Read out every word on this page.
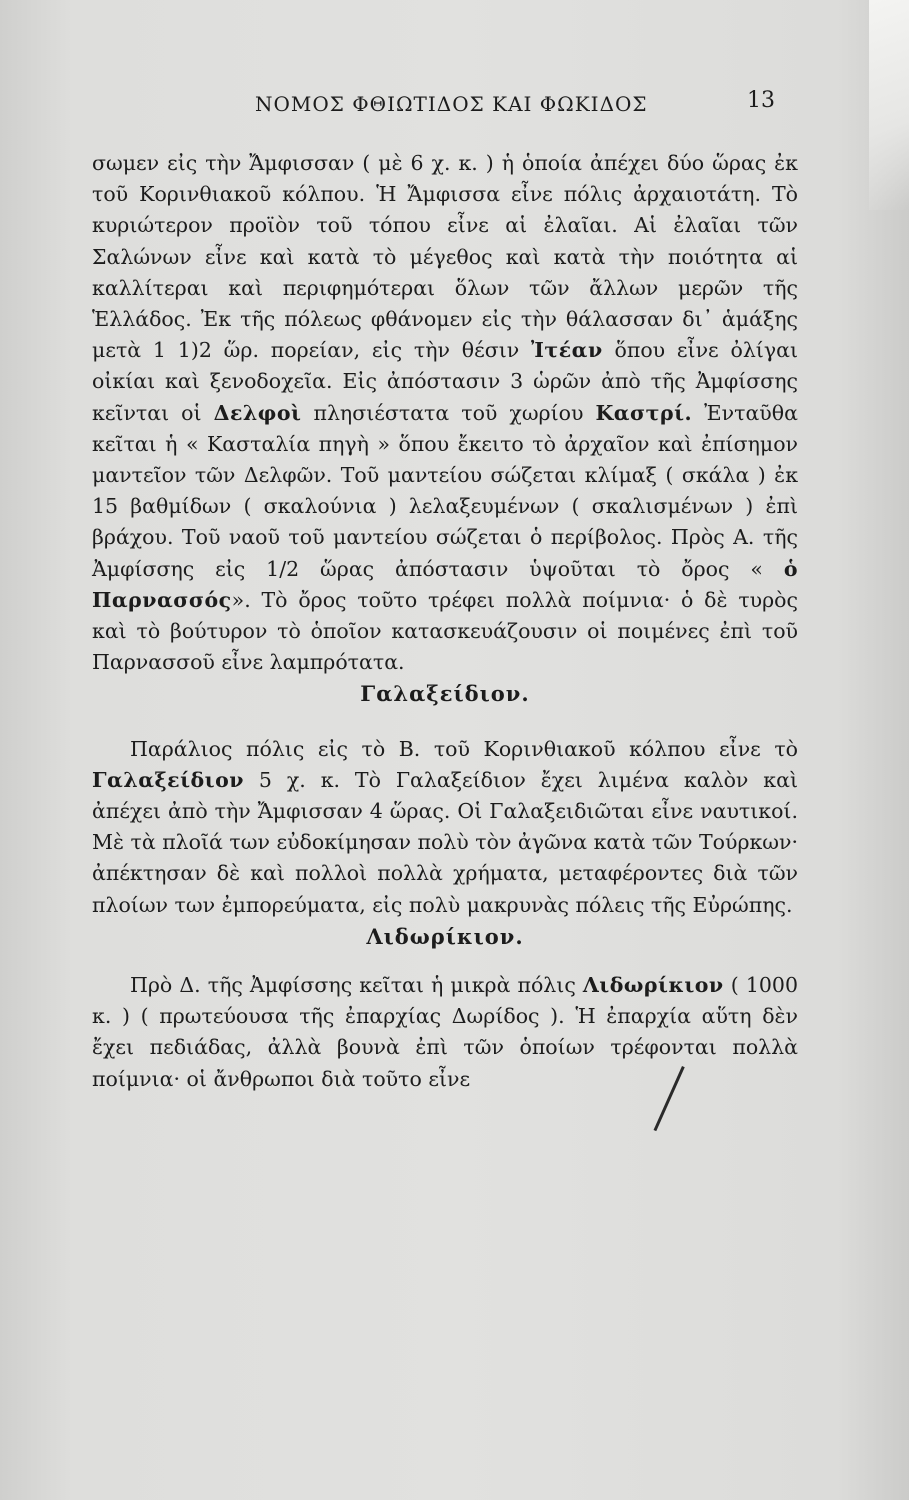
ΝΟΜΟΣ ΦΘΙΩΤΙΔΟΣ ΚΑΙ ΦΩΚΙΔΟΣ	13

σωμεν εἰς τὴν Ἄμφισσαν ( μὲ 6 χ. κ. ) ἡ ὁποία ἀπέχει δύο ὥρας ἐκ τοῦ Κορινθιακοῦ κόλπου. Ἡ Ἄμφισσα εἶνε πόλις ἀρχαιοτάτη. Τὸ κυριώτερον προϊὸν τοῦ τόπου εἶνε αἱ ἐλαῖαι. Αἱ ἐλαῖαι τῶν Σαλώνων εἶνε καὶ κατὰ τὸ μέγεθος καὶ κατὰ τὴν ποιότητα αἱ καλλίτεραι καὶ περιφημότεραι ὅλων τῶν ἄλλων μερῶν τῆς Ἑλλάδος. Ἐκ τῆς πόλεως φθάνομεν εἰς τὴν θάλασσαν δι᾽ ἁμάξης μετὰ 1 1)2 ὥρ. πορείαν, εἰς τὴν θέσιν Ἰτέαν ὅπου εἶνε ὀλίγαι οἰκίαι καὶ ξενοδοχεῖα. Εἰς ἀπόστασιν 3 ὡρῶν ἀπὸ τῆς Ἀμφίσσης κεῖνται οἱ Δελφοὶ πλησιέστατα τοῦ χωρίου Καστρί. Ἐνταῦθα κεῖται ἡ « Κασταλία πηγὴ » ὅπου ἔκειτο τὸ ἀρχαῖον καὶ ἐπίσημον μαντεῖον τῶν Δελφῶν. Τοῦ μαντείου σώζεται κλίμαξ ( σκάλα ) ἐκ 15 βαθμίδων ( σκαλούνια ) λελαξευμένων ( σκαλισμένων ) ἐπὶ βράχου. Τοῦ ναοῦ τοῦ μαντείου σώζεται ὁ περίβολος. Πρὸς Α. τῆς Ἀμφίσσης εἰς 1/2 ὥρας ἀπόστασιν ὑψοῦται τὸ ὄρος « ὁ Παρνασσός». Τὸ ὄρος τοῦτο τρέφει πολλὰ ποίμνια· ὁ δὲ τυρὸς καὶ τὸ βούτυρον τὸ ὁποῖον κατασκευάζουσιν οἱ ποιμένες ἐπὶ τοῦ Παρνασσοῦ εἶνε λαμπρότατα.

Γαλαξείδιον.

Παράλιος πόλις εἰς τὸ Β. τοῦ Κορινθιακοῦ κόλπου εἶνε τὸ Γαλαξείδιον 5 χ. κ. Τὸ Γαλαξείδιον ἔχει λιμένα καλὸν καὶ ἀπέχει ἀπὸ τὴν Ἄμφισσαν 4 ὥρας. Οἱ Γαλαξειδιῶται εἶνε ναυτικοί. Μὲ τὰ πλοῖά των εὐδοκίμησαν πολὺ τὸν ἀγῶνα κατὰ τῶν Τούρκων· ἀπέκτησαν δὲ καὶ πολλοὶ πολλὰ χρήματα, μεταφέροντες διὰ τῶν πλοίων των ἐμπορεύματα, εἰς πολὺ μακρυνὰς πόλεις τῆς Εὐρώπης.

Λιδωρίκιον.

Πρὸ Δ. τῆς Ἀμφίσσης κεῖται ἡ μικρὰ πόλις Λιδωρίκιον ( 1000 κ. ) ( πρωτεύουσα τῆς ἐπαρχίας Δωρίδος ). Ἡ ἐπαρχία αὕτη δὲν ἔχει πεδιάδας, ἀλλὰ βουνὰ ἐπὶ τῶν ὁποίων τρέφονται πολλὰ ποίμνια· οἱ ἄνθρωποι διὰ τοῦτο εἶνε
